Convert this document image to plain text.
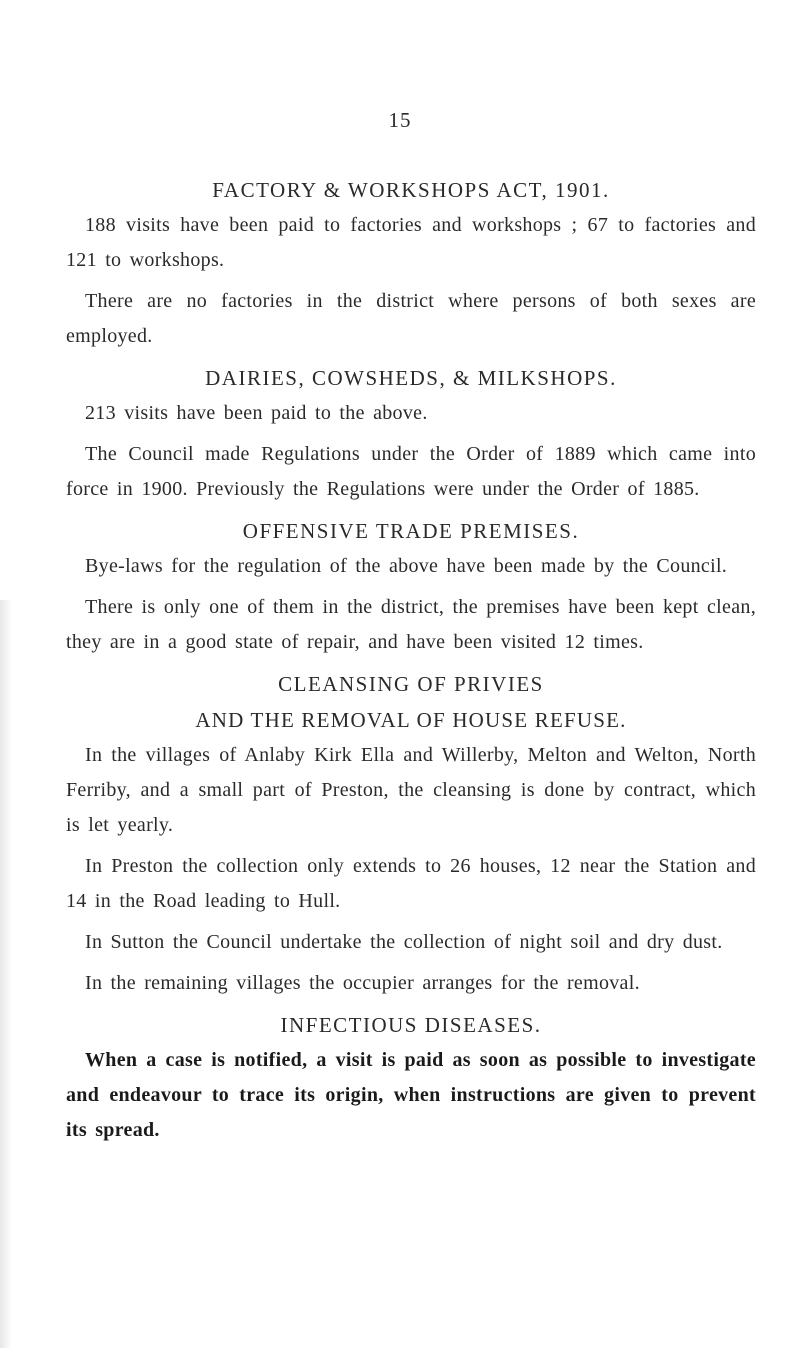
15
FACTORY & WORKSHOPS ACT, 1901.

188 visits have been paid to factories and workshops ; 67 to factories and 121 to workshops.

There are no factories in the district where persons of both sexes are employed.

DAIRIES, COWSHEDS, & MILKSHOPS.

213 visits have been paid to the above.

The Council made Regulations under the Order of 1889 which came into force in 1900. Previously the Regulations were under the Order of 1885.

OFFENSIVE TRADE PREMISES.

Bye-laws for the regulation of the above have been made by the Council.

There is only one of them in the district, the premises have been kept clean, they are in a good state of repair, and have been visited 12 times.

CLEANSING OF PRIVIES
AND THE REMOVAL OF HOUSE REFUSE.

In the villages of Anlaby Kirk Ella and Willerby, Melton and Welton, North Ferriby, and a small part of Preston, the cleansing is done by contract, which is let yearly.

In Preston the collection only extends to 26 houses, 12 near the Station and 14 in the Road leading to Hull.

In Sutton the Council undertake the collection of night soil and dry dust.

In the remaining villages the occupier arranges for the removal.

INFECTIOUS DISEASES.

When a case is notified, a visit is paid as soon as possible to investigate and endeavour to trace its origin, when instructions are given to prevent its spread.
